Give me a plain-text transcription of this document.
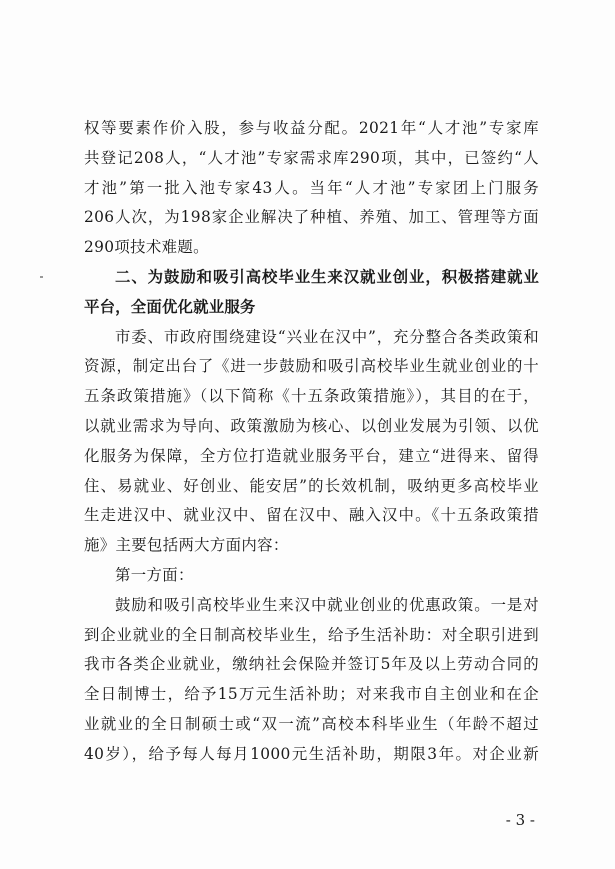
权等要素作价入股，参与收益分配。2021年“人才池”专家库
共登记208人，“人才池”专家需求库290项，其中，已签约“人
才池”第一批入池专家43人。当年“人才池”专家团上门服务
206人次，为198家企业解决了种植、养殖、加工、管理等方面
290项技术难题。
二、为鼓励和吸引高校毕业生来汉就业创业，积极搭建就业
平台，全面优化就业服务
市委、市政府围绕建设“兴业在汉中”，充分整合各类政策和
资源，制定出台了《进一步鼓励和吸引高校毕业生就业创业的十
五条政策措施》（以下简称《十五条政策措施》），其目的在于，
以就业需求为导向、政策激励为核心、以创业发展为引领、以优
化服务为保障，全方位打造就业服务平台，建立“进得来、留得
住、易就业、好创业、能安居”的长效机制，吸纳更多高校毕业
生走进汉中、就业汉中、留在汉中、融入汉中。《十五条政策措
施》主要包括两大方面内容：
第一方面：
鼓励和吸引高校毕业生来汉中就业创业的优惠政策。一是对
到企业就业的全日制高校毕业生，给予生活补助：对全职引进到
我市各类企业就业，缴纳社会保险并签订5年及以上劳动合同的
全日制博士，给予15万元生活补助；对来我市自主创业和在企
业就业的全日制硕士或“双一流”高校本科毕业生（年龄不超过
40岁），给予每人每月1000元生活补助，期限3年。对企业新
- 3 -
